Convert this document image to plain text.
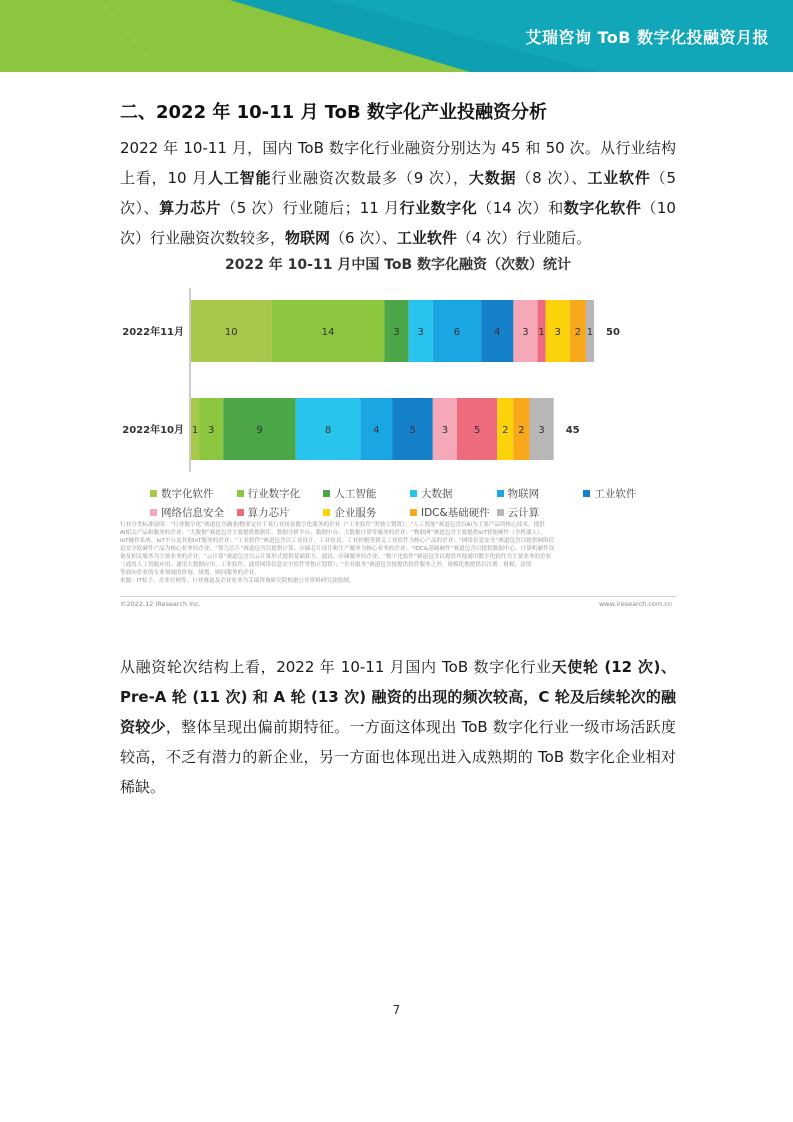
艾瑞咨询 ToB 数字化投融资月报
二、2022 年 10-11 月 ToB 数字化产业投融资分析

2022 年 10-11 月，国内 ToB 数字化行业融资分别达为 45 和 50 次。从行业结构上看，10 月人工智能行业融资次数最多（9 次），大数据（8 次）、工业软件（5 次）、算力芯片（5 次）行业随后；11 月行业数字化（14 次）和数字化软件（10 次）行业融资次数较多，物联网（6 次）、工业软件（4 次）行业随后。

2022 年 10-11 月中国 ToB 数字化融资（次数）统计
2022年11月	10	14	3 3	6	4 3 1 3 2 1 50
2022年10月 1 3	9	8	4	5	3	5 2 2 3 45
数字化软件	行业数字化	人工智能	大数据	物联网	工业软件
网络信息安全 算力芯片	企业服务	IDC&基础硬件 云计算

行业分类标准说明：“行业数字化”赛道包含确业/物业定位于某行业场景数字化服务的企业（“工业软件”类独立划置）；“人工智能”赛道包含以AI为主要产品的核心技术，提供

AI相关产品和服务的企业；“大数据”赛道包含主要提供数据库、数据分析平台、数据中台、大数据计算等服务的企业；“物联网”赛道包含主要提供IoT智能硬件（含机器人）、

IoT操作系统、IoT平台及其他IoT服务的企业；“工业软件”赛道包含以工业设计、工业仿真、工业控制等狭义工业软件为核心产品的企业；“网络信息安全”赛道包含以提供网络信

息安全软硬件产品为核心业务的企业；“算力芯片”赛道包含以提供计算、存储芯片设计和生产服务为核心业务的企业；“IDC&基础硬件”赛道包含以提供数据中心、计算机硬件设

备及相关服务为主要业务的企业；“云计算”赛道包含以云计算形式提供基础算力、通讯、存储服务的企业；“数字化软件”赛道包含以提供其他通用数字化软件为主要业务的企业

（通用人工智能应用、通用大数据应用、工业软件、通用网络信息安全软件等独立划置）；“企业服务”赛道包含按提供软件服务之外，规模化地提供以注册、财税、法律

等面向企业的专业领域的咨询、规划、顾问服务的企业。

来源：IT桔子、企业官网等，行业赛道及企业业务为艾瑞咨询研究院根据公开资料研究及绘制。

©2022.12 iResearch Inc.	www.iresearch.com.cn

从融资轮次结构上看，2022 年 10-11 月国内 ToB 数字化行业天使轮 (12 次)、Pre-A 轮 (11 次) 和 A 轮 (13 次) 融资的出现的频次较高，C 轮及后续轮次的融资较少，整体呈现出偏前期特征。一方面这体现出 ToB 数字化行业一级市场活跃度较高，不乏有潜力的新企业，另一方面也体现出进入成熟期的 ToB 数字化企业相对稀缺。

7
